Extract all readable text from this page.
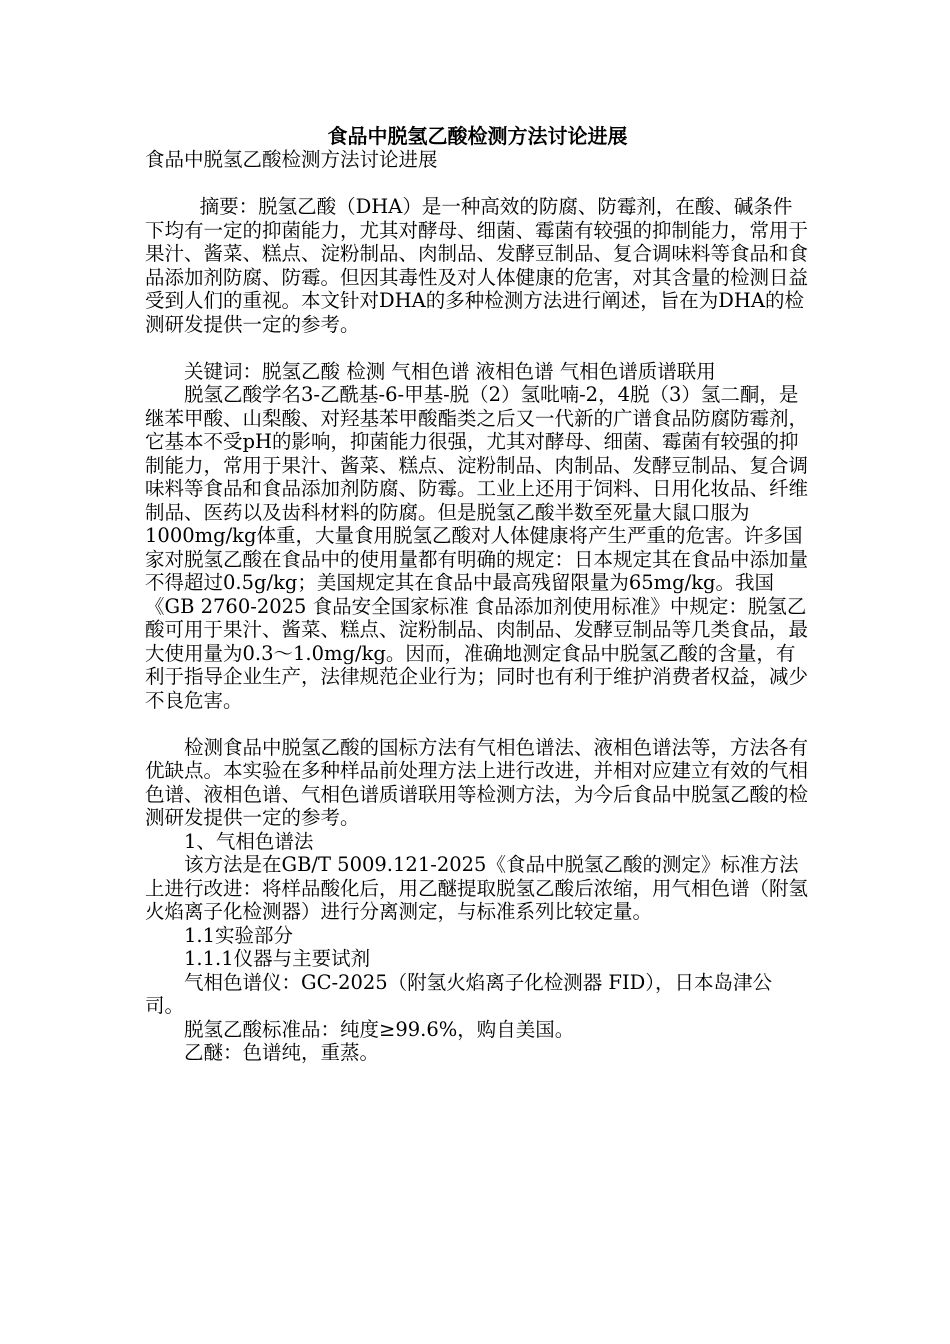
食品中脱氢乙酸检测方法讨论进展

食品中脱氢乙酸检测方法讨论进展

摘要：脱氢乙酸（DHA）是一种高效的防腐、防霉剂，在酸、碱条件下均有一定的抑菌能力，尤其对酵母、细菌、霉菌有较强的抑制能力，常用于果汁、酱菜、糕点、淀粉制品、肉制品、发酵豆制品、复合调味料等食品和食品添加剂防腐、防霉。但因其毒性及对人体健康的危害，对其含量的检测日益受到人们的重视。本文针对DHA的多种检测方法进行阐述，旨在为DHA的检测研发提供一定的参考。

关键词：脱氢乙酸 检测 气相色谱 液相色谱 气相色谱质谱联用

脱氢乙酸学名3-乙酰基-6-甲基-脱（2）氢吡喃-2，4脱（3）氢二酮，是继苯甲酸、山梨酸、对羟基苯甲酸酯类之后又一代新的广谱食品防腐防霉剂，它基本不受pH的影响，抑菌能力很强，尤其对酵母、细菌、霉菌有较强的抑制能力，常用于果汁、酱菜、糕点、淀粉制品、肉制品、发酵豆制品、复合调味料等食品和食品添加剂防腐、防霉。工业上还用于饲料、日用化妆品、纤维制品、医药以及齿科材料的防腐。但是脱氢乙酸半数至死量大鼠口服为1000mg/kg体重，大量食用脱氢乙酸对人体健康将产生严重的危害。许多国家对脱氢乙酸在食品中的使用量都有明确的规定：日本规定其在食品中添加量不得超过0.5g/kg；美国规定其在食品中最高残留限量为65mg/kg。我国《GB 2760-2025 食品安全国家标准 食品添加剂使用标准》中规定：脱氢乙酸可用于果汁、酱菜、糕点、淀粉制品、肉制品、发酵豆制品等几类食品，最大使用量为0.3～1.0mg/kg。因而，准确地测定食品中脱氢乙酸的含量，有利于指导企业生产，法律规范企业行为；同时也有利于维护消费者权益，减少不良危害。

检测食品中脱氢乙酸的国标方法有气相色谱法、液相色谱法等，方法各有优缺点。本实验在多种样品前处理方法上进行改进，并相对应建立有效的气相色谱、液相色谱、气相色谱质谱联用等检测方法，为今后食品中脱氢乙酸的检测研发提供一定的参考。

1、气相色谱法

该方法是在GB/T 5009.121-2025《食品中脱氢乙酸的测定》标准方法上进行改进：将样品酸化后，用乙醚提取脱氢乙酸后浓缩，用气相色谱（附氢火焰离子化检测器）进行分离测定，与标准系列比较定量。

1.1实验部分

1.1.1仪器与主要试剂

气相色谱仪：GC-2025（附氢火焰离子化检测器 FID），日本岛津公司。

脱氢乙酸标准品：纯度≥99.6%，购自美国。

乙醚：色谱纯，重蒸。
